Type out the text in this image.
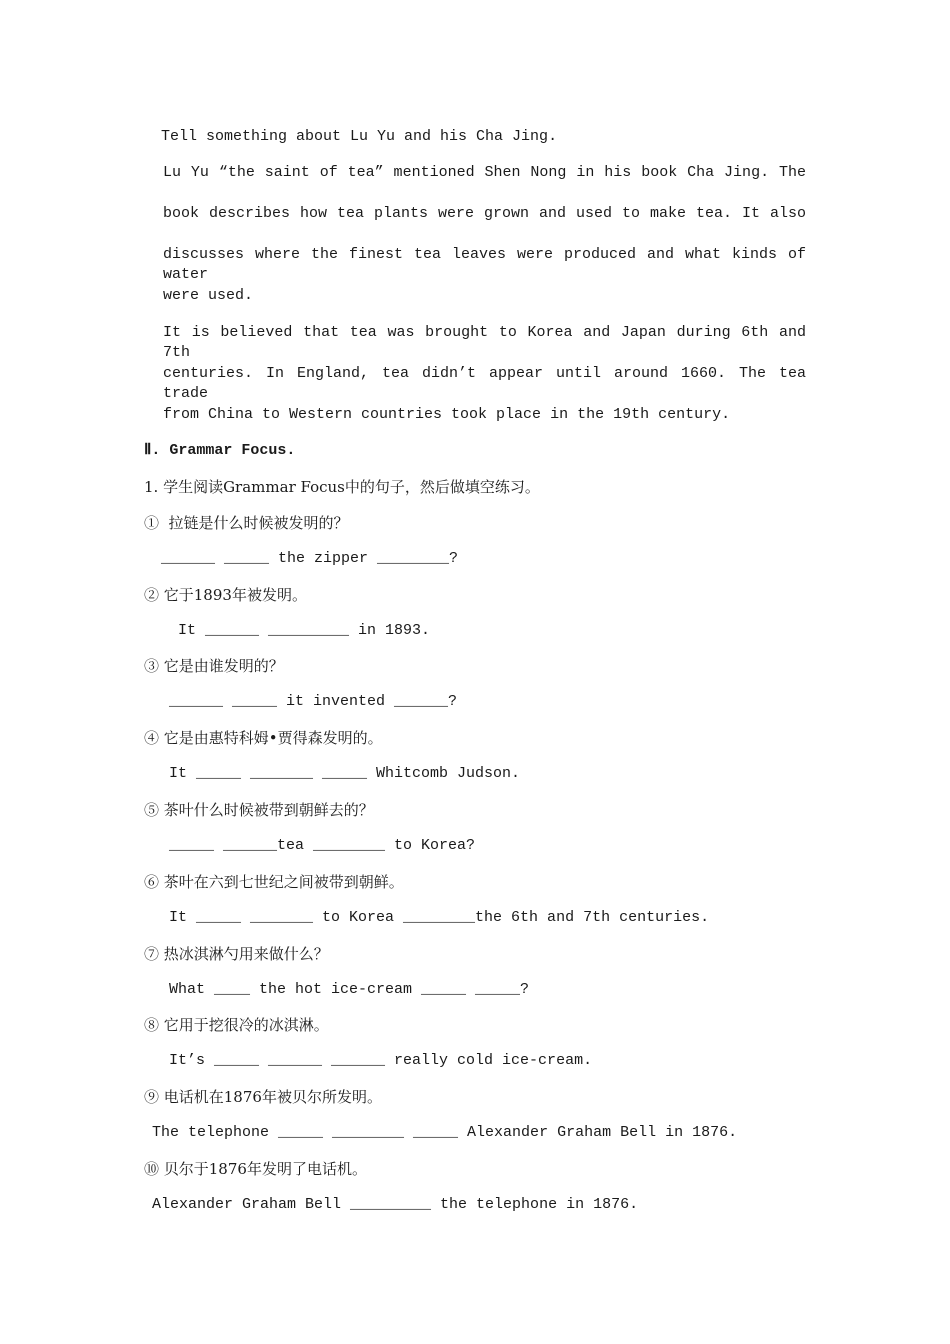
Tell something about Lu Yu and his Cha Jing.
Lu Yu “the saint of tea” mentioned Shen Nong in his book Cha Jing. The
book describes how tea plants were grown and used to make tea. It also
discusses where the finest tea leaves were produced and what kinds of water
were used.
It is believed that tea was brought to Korea and Japan during 6th and 7th
centuries. In England, tea didn’t appear until around 1660. The tea trade
from China to Western countries took place in the 19th century.
Ⅱ. Grammar Focus.
1. 学生阅读Grammar Focus中的句子，然后做填空练习。
①  拉链是什么时候被发明的？
______ _____ the zipper ________?
② 它于1893年被发明。
It ______ _________ in 1893.
③ 它是由谁发明的？
______ _____ it invented ______?
④ 它是由惠特科姆•贾得森发明的。
It _____ _______ _____ Whitcomb Judson.
⑤ 茶叶什么时候被带到朝鲜去的？
_____ ______tea ________ to Korea?
⑥ 茶叶在六到七世纪之间被带到朝鲜。
It _____ _______ to Korea ________the 6th and 7th centuries.
⑦ 热冰淇淋勺用来做什么？
What ____ the hot ice-cream _____ _____?
⑧ 它用于挖很冷的冰淇淋。
It’s _____ ______ ______ really cold ice-cream.
⑨ 电话机在1876年被贝尔所发明。
The telephone _____ ________ _____ Alexander Graham Bell in 1876.
⑩ 贝尔于1876年发明了电话机。
Alexander Graham Bell _________ the telephone in 1876.
